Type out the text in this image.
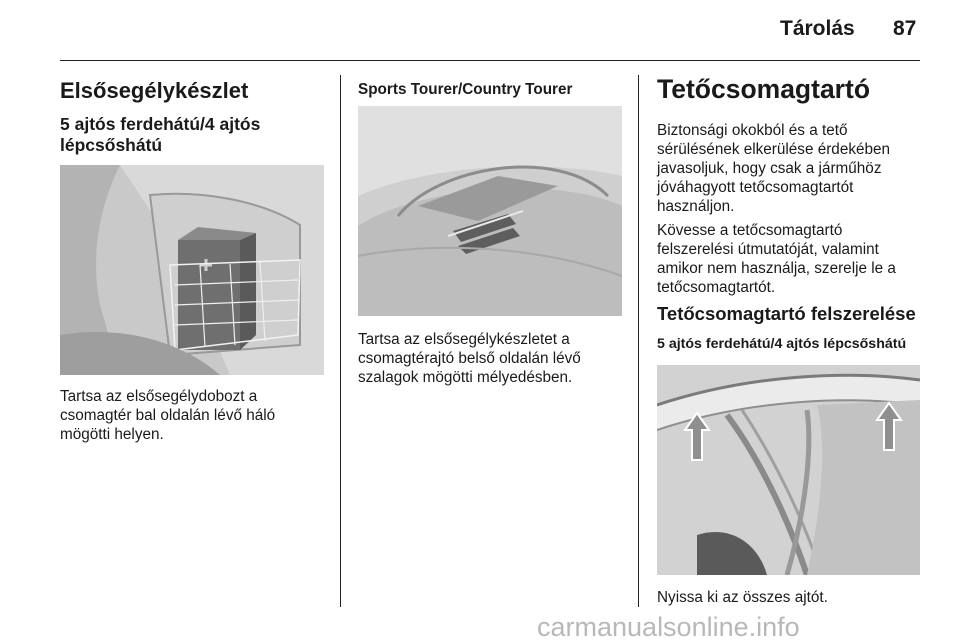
Tárolás 87
Elsősegélykészlet
5 ajtós ferdehátú/4 ajtós
lépcsőshátú
Tartsa az elsősegélydobozt a
csomagtér bal oldalán lévő háló
mögötti helyen.
Sports Tourer/Country Tourer
Tartsa az elsősegélykészletet a
csomagtérajtó belső oldalán lévő
szalagok mögötti mélyedésben.
Tetőcsomagtartó
Biztonsági okokból és a tető
sérülésének elkerülése érdekében
javasoljuk, hogy csak a járműhöz
jóváhagyott tetőcsomagtartót
használjon.
Kövesse a tetőcsomagtartó
felszerelési útmutatóját, valamint
amikor nem használja, szerelje le a
tetőcsomagtartót.
Tetőcsomagtartó felszerelése
5 ajtós ferdehátú/4 ajtós lépcsőshátú
Nyissa ki az összes ajtót.
carmanualsonline.info
